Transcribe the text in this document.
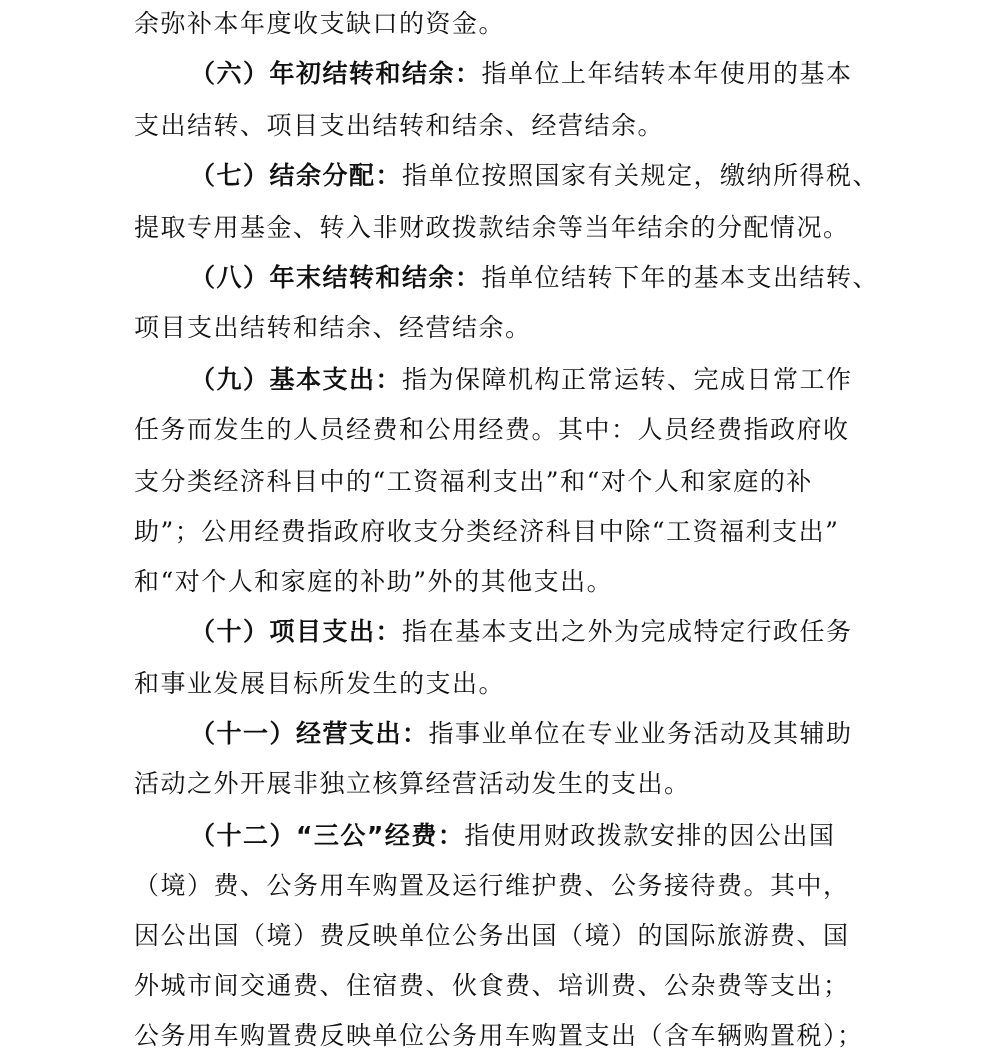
余弥补本年度收支缺口的资金。
（六）年初结转和结余：指单位上年结转本年使用的基本
支出结转、项目支出结转和结余、经营结余。
（七）结余分配：指单位按照国家有关规定，缴纳所得税、
提取专用基金、转入非财政拨款结余等当年结余的分配情况。
（八）年末结转和结余：指单位结转下年的基本支出结转、
项目支出结转和结余、经营结余。
（九）基本支出：指为保障机构正常运转、完成日常工作
任务而发生的人员经费和公用经费。其中：人员经费指政府收
支分类经济科目中的“工资福利支出”和“对个人和家庭的补
助”；公用经费指政府收支分类经济科目中除“工资福利支出”
和“对个人和家庭的补助”外的其他支出。
（十）项目支出：指在基本支出之外为完成特定行政任务
和事业发展目标所发生的支出。
（十一）经营支出：指事业单位在专业业务活动及其辅助
活动之外开展非独立核算经营活动发生的支出。
（十二）“三公”经费：指使用财政拨款安排的因公出国
（境）费、公务用车购置及运行维护费、公务接待费。其中，
因公出国（境）费反映单位公务出国（境）的国际旅游费、国
外城市间交通费、住宿费、伙食费、培训费、公杂费等支出；
公务用车购置费反映单位公务用车购置支出（含车辆购置税）；
